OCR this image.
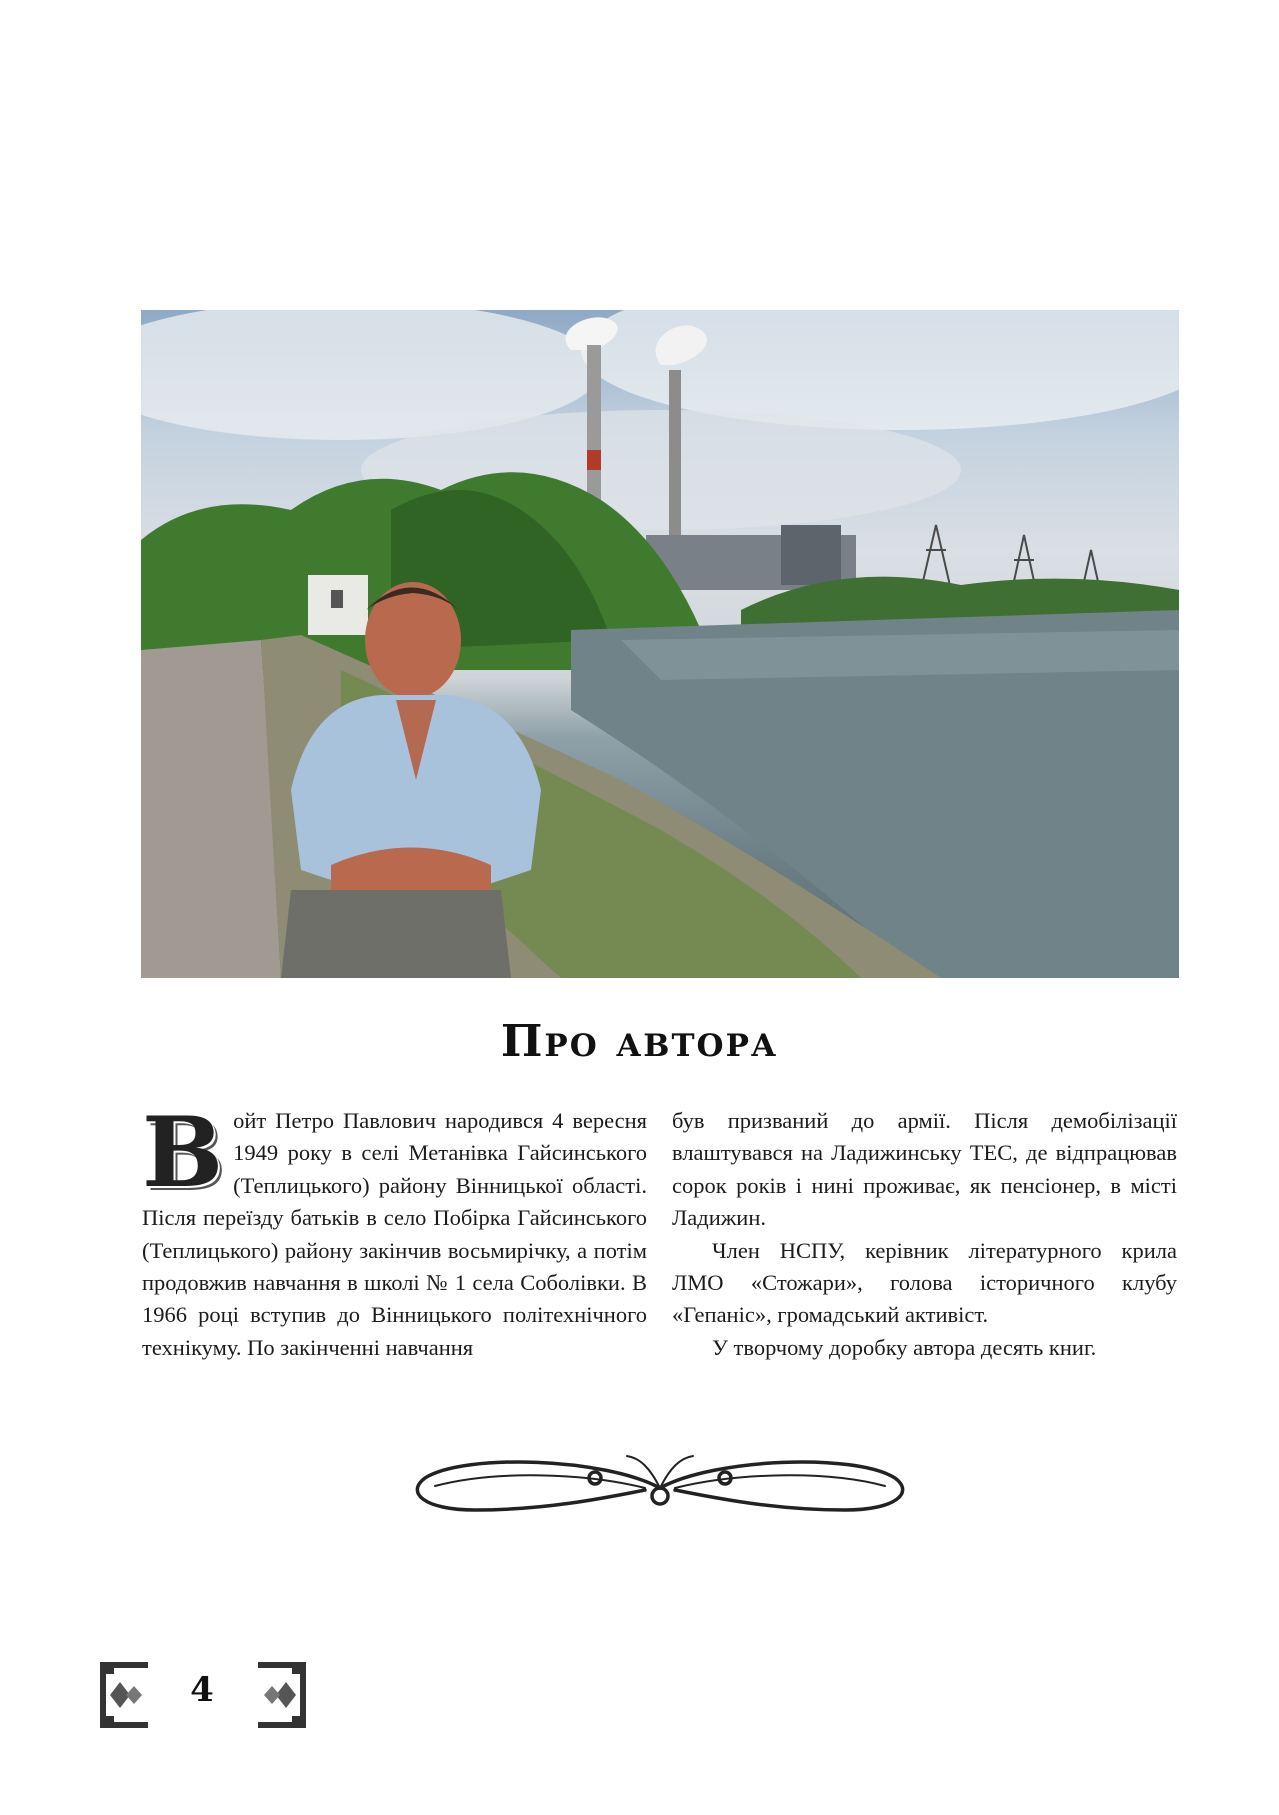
Про автора

Войт Петро Павлович народився 4 вересня 1949 року в селі Метанівка Гайсинського (Теплицького) району Вінницької області. Після переїзду батьків в село Побірка Гайсинського (Теплицького) району закінчив восьмирічку, а потім продовжив навчання в школі № 1 села Соболівки. В 1966 році вступив до Вінницького політехнічного технікуму. По закінченні навчання

був призваний до армії. Після демобілізації влаштувався на Ладижинську ТЕС, де відпрацював сорок років і нині проживає, як пенсіонер, в місті Ладижин.

Член НСПУ, керівник літературного крила ЛМО «Стожари», голова історичного клубу «Гепаніс», громадський активіст.

У творчому доробку автора десять книг.

4
